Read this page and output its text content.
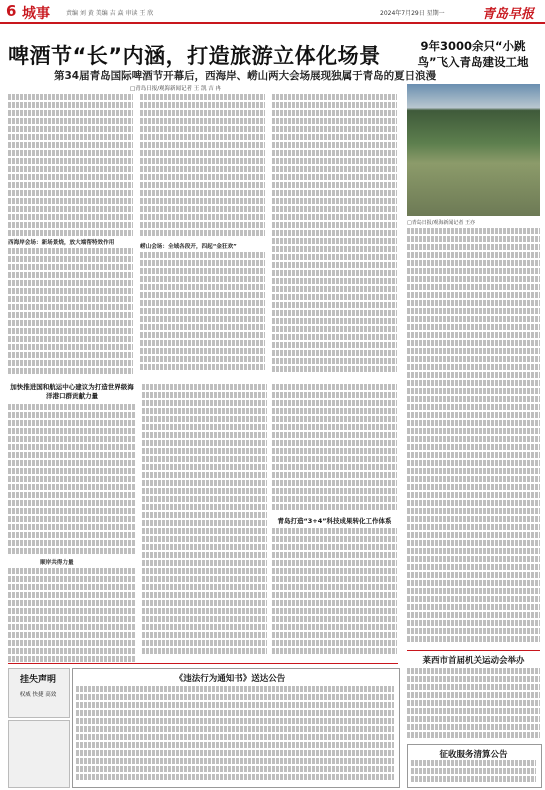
6 城事	责编 刘 黄 美编 吉 焱 审读 王 欣	2024年7月29日 星期一	青岛早报
啤酒节“长”内涵，打造旅游立体化场景
第34届青岛国际啤酒节开幕后，西海岸、崂山两大会场展现独属于青岛的夏日浪漫
□青岛日报/观海新闻记者 王 凯 吉 冉
西海岸会场：新场景烧，放大端帮特效作用
崂山会场：全域各段开，四起“金狂欢”
9年3000余只“小跳鸟”飞入青岛建设工地
□青岛日报/观海新闻记者 王亦
加快推进国和航运中心建议为打造世界级海洋港口群贡献力量
顺岸共得力量
青岛打造“3+4”科技成果转化工作体系
莱西市首届机关运动会举办
挂失声明
权威 快捷 高效
《违法行为通知书》送达公告
征收服务清算公告
